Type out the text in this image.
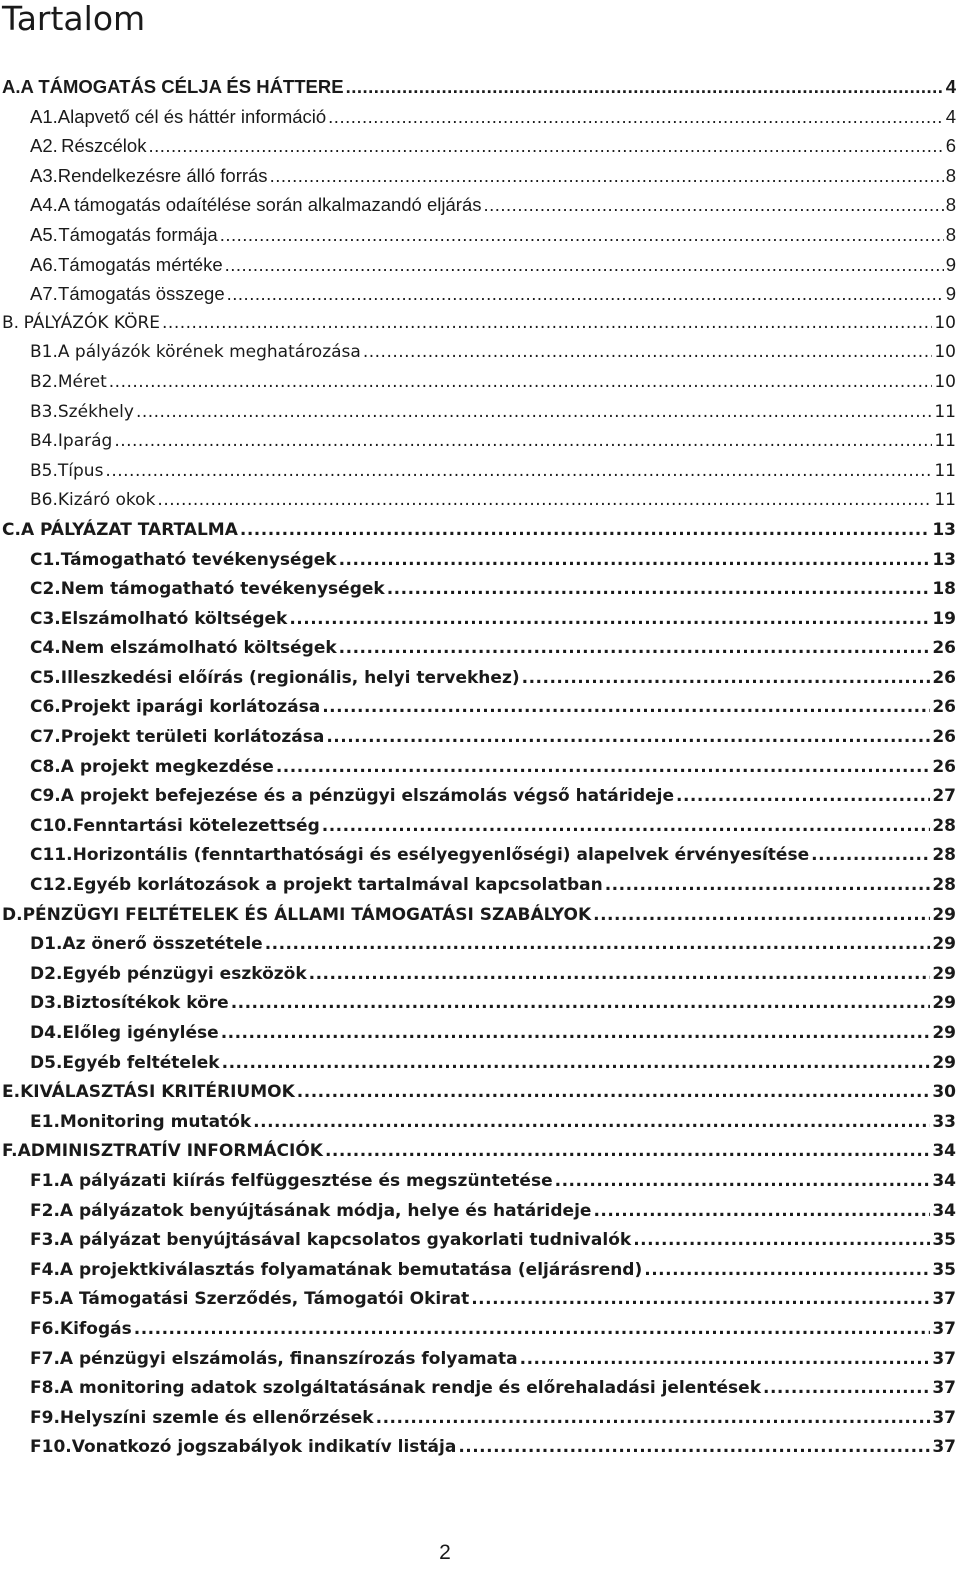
Tartalom
A. A TÁMOGATÁS CÉLJA ÉS HÁTTERE .....	4
A1. Alapvető cél és háttér információ .....	4
A2. Részcélok .....	6
A3. Rendelkezésre álló forrás .....	8
A4. A támogatás odaítélése során alkalmazandó eljárás .....	8
A5. Támogatás formája .....	8
A6. Támogatás mértéke .....	9
A7. Támogatás összege .....	9
B. PÁLYÁZÓK KÖRE .....	10
B1. A pályázók körének meghatározása .....	10
B2. Méret .....	10
B3. Székhely .....	11
B4. Iparág .....	11
B5. Típus .....	11
B6. Kizáró okok .....	11
C. A PÁLYÁZAT TARTALMA .....	13
C1. Támogatható tevékenységek .....	13
C2. Nem támogatható tevékenységek .....	18
C3. Elszámolható költségek .....	19
C4. Nem elszámolható költségek .....	26
C5. Illeszkedési előírás (regionális, helyi tervekhez) .....	26
C6. Projekt iparági korlátozása .....	26
C7. Projekt területi korlátozása .....	26
C8. A projekt megkezdése .....	26
C9. A projekt befejezése és a pénzügyi elszámolás végső határideje .....	27
C10. Fenntartási kötelezettség .....	28
C11. Horizontális (fenntarthatósági és esélyegyenlőségi) alapelvek érvényesítése .....	28
C12. Egyéb korlátozások a projekt tartalmával kapcsolatban .....	28
D. PÉNZÜGYI FELTÉTELEK ÉS ÁLLAMI TÁMOGATÁSI SZABÁLYOK .....	29
D1. Az önerő összetétele .....	29
D2. Egyéb pénzügyi eszközök .....	29
D3. Biztosítékok köre .....	29
D4. Előleg igénylése .....	29
D5. Egyéb feltételek .....	29
E. KIVÁLASZTÁSI KRITÉRIUMOK .....	30
E1. Monitoring mutatók .....	33
F. ADMINISZTRATÍV INFORMÁCIÓK .....	34
F1. A pályázati kiírás felfüggesztése és megszüntetése .....	34
F2. A pályázatok benyújtásának módja, helye és határideje .....	34
F3. A pályázat benyújtásával kapcsolatos gyakorlati tudnivalók .....	35
F4. A projektkiválasztás folyamatának bemutatása (eljárásrend) .....	35
F5. A Támogatási Szerződés, Támogatói Okirat .....	37
F6. Kifogás .....	37
F7. A pénzügyi elszámolás, finanszírozás folyamata .....	37
F8. A monitoring adatok szolgáltatásának rendje és előrehaladási jelentések .....	37
F9. Helyszíni szemle és ellenőrzések .....	37
F10. Vonatkozó jogszabályok indikatív listája .....	37
2
